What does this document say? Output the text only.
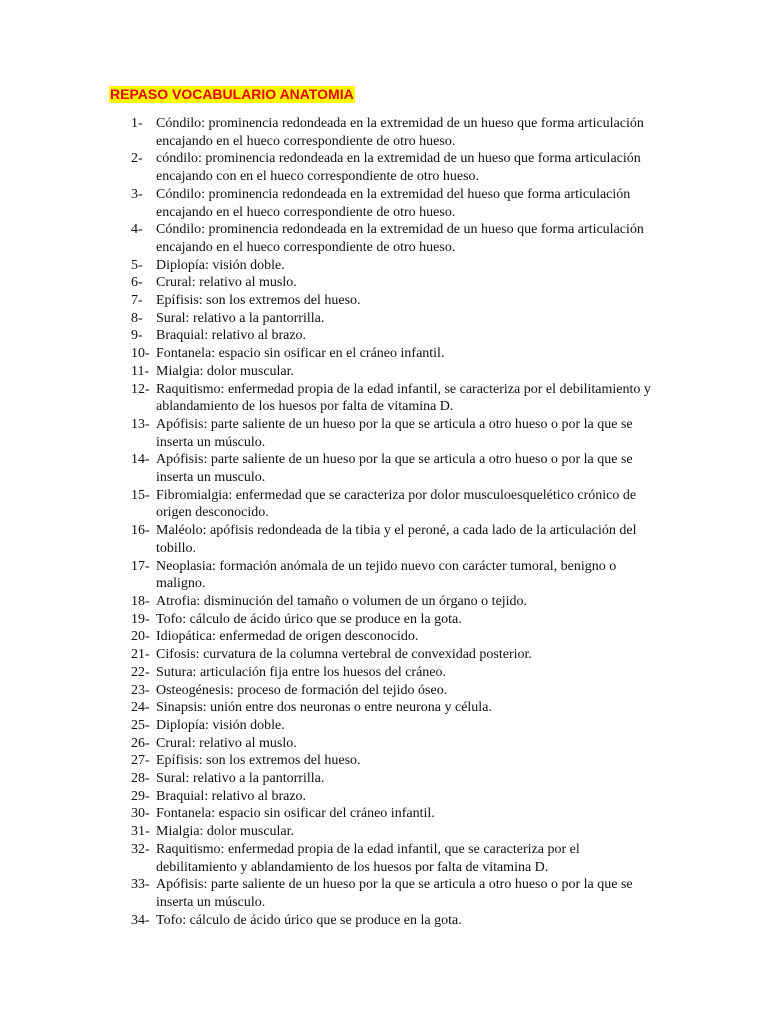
REPASO VOCABULARIO ANATOMIA
1- Cóndilo: prominencia redondeada en la extremidad de un hueso que forma articulación encajando en el hueco correspondiente de otro hueso.
2- cóndilo: prominencia redondeada en la extremidad de un hueso que forma articulación encajando con en el hueco correspondiente de otro hueso.
3- Cóndilo: prominencia redondeada en la extremidad del hueso que forma articulación encajando en el hueco correspondiente de otro hueso.
4- Cóndilo: prominencia redondeada en la extremidad de un hueso que forma articulación encajando en el hueco correspondiente de otro hueso.
5- Diplopía: visión doble.
6- Crural: relativo al muslo.
7- Epífisis: son los extremos del hueso.
8- Sural: relativo a la pantorrilla.
9- Braquial: relativo al brazo.
10- Fontanela: espacio sin osificar en el cráneo infantil.
11- Mialgia: dolor muscular.
12- Raquitismo: enfermedad propia de la edad infantil, se caracteriza por el debilitamiento y ablandamiento de los huesos por falta de vitamina D.
13- Apófisis: parte saliente de un hueso por la que se articula a otro hueso o por la que se inserta un músculo.
14- Apófisis: parte saliente de un hueso por la que se articula a otro hueso o por la que se inserta un musculo.
15- Fibromialgia: enfermedad que se caracteriza por dolor musculoesquelético crónico de origen desconocido.
16- Maléolo: apófisis redondeada de la tibia y el peroné, a cada lado de la articulación del tobillo.
17- Neoplasia: formación anómala de un tejido nuevo con carácter tumoral, benigno o maligno.
18- Atrofia: disminución del tamaño o volumen de un órgano o tejido.
19- Tofo: cálculo de ácido úrico que se produce en la gota.
20- Idiopática: enfermedad de origen desconocido.
21- Cifosis: curvatura de la columna vertebral de convexidad posterior.
22- Sutura: articulación fija entre los huesos del cráneo.
23- Osteogénesis: proceso de formación del tejido óseo.
24- Sinapsis: unión entre dos neuronas o entre neurona y célula.
25- Diplopía: visión doble.
26- Crural: relativo al muslo.
27- Epífisis: son los extremos del hueso.
28- Sural: relativo a la pantorrilla.
29- Braquial: relativo al brazo.
30- Fontanela: espacio sin osificar del cráneo infantil.
31- Mialgia: dolor muscular.
32- Raquitismo: enfermedad propia de la edad infantil, que se caracteriza por el debilitamiento y ablandamiento de los huesos por falta de vitamina D.
33- Apófisis: parte saliente de un hueso por la que se articula a otro hueso o por la que se inserta un músculo.
34- Tofo: cálculo de ácido úrico que se produce en la gota.
